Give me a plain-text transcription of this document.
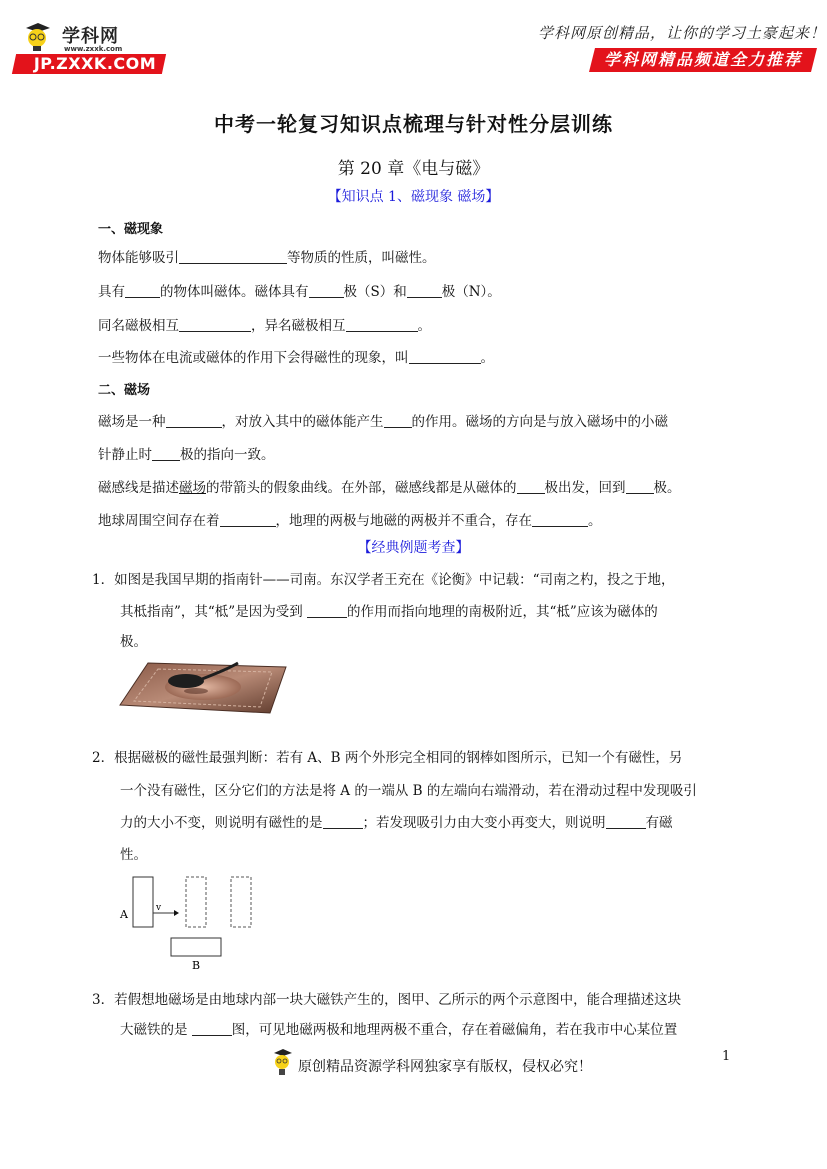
学科网
www.zxxk.com
JP.ZXXK.COM
学科网原创精品，让你的学习土豪起来！
学科网精品频道全力推荐
中考一轮复习知识点梳理与针对性分层训练
第 20 章《电与磁》
【知识点 1、磁现象 磁场】
一、磁现象
物体能够吸引	等物质的性质，叫磁性。
具有	的物体叫磁体。磁体具有	极（S）和	极（N）。
同名磁极相互	，异名磁极相互	。
一些物体在电流或磁体的作用下会得磁性的现象，叫	。
二、磁场
磁场是一种	，对放入其中的磁体能产生 的作用。磁场的方向是与放入磁场中的小磁
针静止时 极的指向一致。
磁感线是描述磁场的带箭头的假象曲线。在外部，磁感线都是从磁体的 极出发，回到 极。
地球周围空间存在着	，地理的两极与地磁的两极并不重合，存在	。
1．如图是我国早期的指南针——司南。东汉学者王充在《论衡》中记载：“司南之杓，投之于地，
其柢指南”，其“柢”是因为受到	的作用而指向地理的南极附近，其“柢”应该为磁体的
极。
2．根据磁极的磁性最强判断：若有 A、B 两个外形完全相同的钢棒如图所示，已知一个有磁性，另
一个没有磁性，区分它们的方法是将 A 的一端从 B 的左端向右端滑动，若在滑动过程中发现吸引
力的大小不变，则说明有磁性的是	；若发现吸引力由大变小再变大，则说明	有磁
性。
3．若假想地磁场是由地球内部一块大磁铁产生的，图甲、乙所示的两个示意图中，能合理描述这块
大磁铁的是	图，可见地磁两极和地理两极不重合，存在着磁偏角，若在我市中心某位置
【经典例题考查】
v
A
B
原创精品资源学科网独家享有版权，侵权必究！
1
